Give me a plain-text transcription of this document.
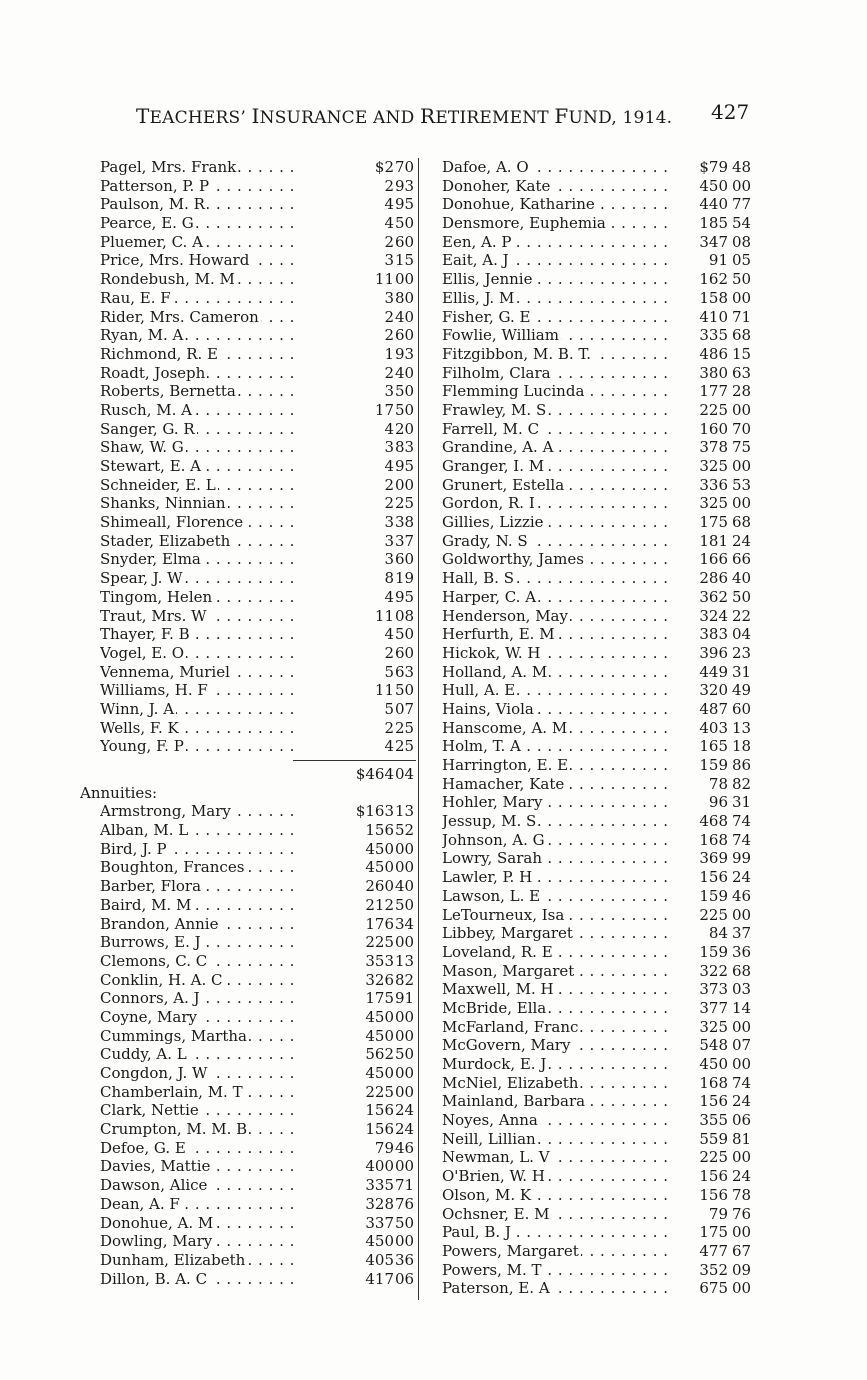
TEACHERS’ INSURANCE AND RETIREMENT FUND, 1914. 427
Pagel, Mrs. Frank . . .	$2 70
Patterson, P. P . . .	2 93
Paulson, M. R . . .	4 95
Pearce, E. G . . .	4 50
Pluemer, C. A . . .	2 60
Price, Mrs. Howard . . .	3 15
Rondebush, M. M . . .	11 00
Rau, E. F . . .	3 80
Rider, Mrs. Cameron . . .	2 40
Ryan, M. A . . .	2 60
Richmond, R. E . . .	1 93
Roadt, Joseph . . .	2 40
Roberts, Bernetta . . .	3 50
Rusch, M. A . . .	17 50
Sanger, G. R . . .	4 20
Shaw, W. G . . .	3 83
Stewart, E. A . . .	4 95
Schneider, E. L . . .	2 00
Shanks, Ninnian . . .	2 25
Shimeall, Florence . . .	3 38
Stader, Elizabeth . . .	3 37
Snyder, Elma . . .	3 60
Spear, J. W . . .	8 19
Tingom, Helen . . .	4 95
Traut, Mrs. W . . .	11 08
Thayer, F. B . . .	4 50
Vogel, E. O . . .	2 60
Vennema, Muriel . . .	5 63
Williams, H. F . . .	11 50
Winn, J. A . . .	5 07
Wells, F. K . . .	2 25
Young, F. P . . .	4 25
$464 04
Annuities:
Armstrong, Mary . . .	$163 13
Alban, M. L . . .	156 52
Bird, J. P . . .	450 00
Boughton, Frances . . .	450 00
Barber, Flora . . .	260 40
Baird, M. M . . .	212 50
Brandon, Annie . . .	176 34
Burrows, E. J . . .	225 00
Clemons, C. C . . .	353 13
Conklin, H. A. C . . .	326 82
Connors, A. J . . .	175 91
Coyne, Mary . . .	450 00
Cummings, Martha . . .	450 00
Cuddy, A. L . . .	562 50
Congdon, J. W . . .	450 00
Chamberlain, M. T . . .	225 00
Clark, Nettie . . .	156 24
Crumpton, M. M. B . . .	156 24
Defoe, G. E . . .	79 46
Davies, Mattie . . .	400 00
Dawson, Alice . . .	335 71
Dean, A. F . . .	328 76
Donohue, A. M . . .	337 50
Dowling, Mary . . .	450 00
Dunham, Elizabeth . . .	405 36
Dillon, B. A. C . . .	417 06
Dafoe, A. O . . .	$79 48
Donoher, Kate . . .	450 00
Donohue, Katharine . . .	440 77
Densmore, Euphemia . . .	185 54
Een, A. P . . .	347 08
Eait, A. J . . .	91 05
Ellis, Jennie . . .	162 50
Ellis, J. M . . .	158 00
Fisher, G. E . . .	410 71
Fowlie, William . . .	335 68
Fitzgibbon, M. B. T. . . .	486 15
Filholm, Clara . . .	380 63
Flemming Lucinda . . .	177 28
Frawley, M. S . . .	225 00
Farrell, M. C . . .	160 70
Grandine, A. A . . .	378 75
Granger, I. M . . .	325 00
Grunert, Estella . . .	336 53
Gordon, R. I . . .	325 00
Gillies, Lizzie . . .	175 68
Grady, N. S . . .	181 24
Goldworthy, James . . .	166 66
Hall, B. S . . .	286 40
Harper, C. A . . .	362 50
Henderson, May . . .	324 22
Herfurth, E. M . . .	383 04
Hickok, W. H . . .	396 23
Holland, A. M . . .	449 31
Hull, A. E . . .	320 49
Hains, Viola . . .	487 60
Hanscome, A. M . . .	403 13
Holm, T. A . . .	165 18
Harrington, E. E . . .	159 86
Hamacher, Kate . . .	78 82
Hohler, Mary . . .	96 31
Jessup, M. S . . .	468 74
Johnson, A. G . . .	168 74
Lowry, Sarah . . .	369 99
Lawler, P. H . . .	156 24
Lawson, L. E . . .	159 46
LeTourneux, Isa . . .	225 00
Libbey, Margaret . . .	84 37
Loveland, R. E . . .	159 36
Mason, Margaret . . .	322 68
Maxwell, M. H . . .	373 03
McBride, Ella . . .	377 14
McFarland, Franc . . .	325 00
McGovern, Mary . . .	548 07
Murdock, E. J . . .	450 00
McNiel, Elizabeth . . .	168 74
Mainland, Barbara . . .	156 24
Noyes, Anna . . .	355 06
Neill, Lillian . . .	559 81
Newman, L. V . . .	225 00
O'Brien, W. H . . .	156 24
Olson, M. K . . .	156 78
Ochsner, E. M . . .	79 76
Paul, B. J . . .	175 00
Powers, Margaret . . .	477 67
Powers, M. T . . .	352 09
Paterson, E. A . . .	675 00
